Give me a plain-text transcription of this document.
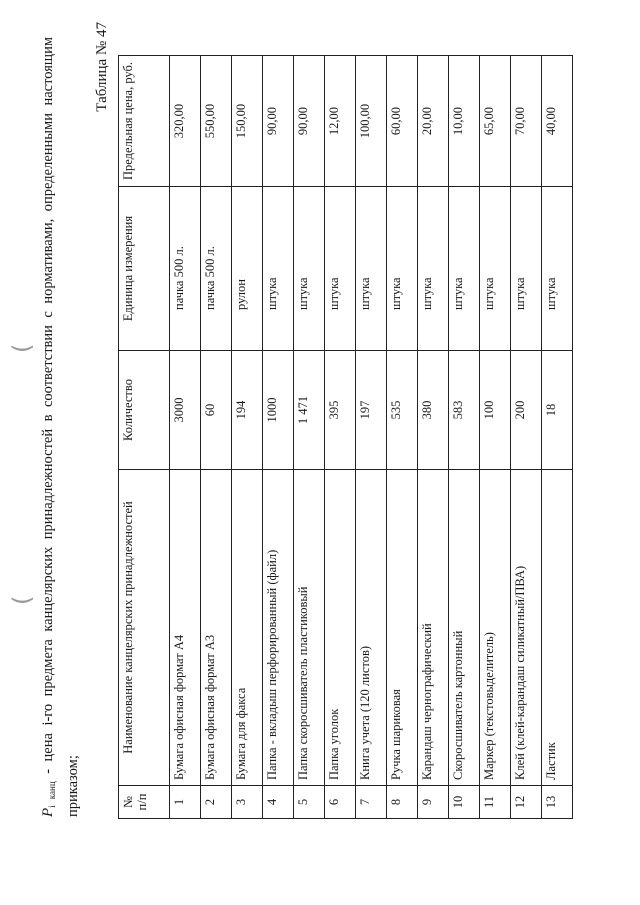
(
(
$P_{i канц}$ - цена i-го предмета канцелярских принадлежностей в соответствии с нормативами, определенными настоящим приказом;
Таблица № 47
№ п/п	Наименование канцелярских принадлежностей	Количество	Единица измерения	Предельная цена, руб.
1	Бумага офисная формат А4	3000	пачка 500 л.	320,00
2	Бумага офисная формат А3	60	пачка 500 л.	550,00
3	Бумага для факса	194	рулон	150,00
4	Папка - вкладыш перфорированный (файл)	1000	штука	90,00
5	Папка скоросшиватель пластиковый	1 471	штука	90,00
6	Папка уголок	395	штука	12,00
7	Книга учета (120 листов)	197	штука	100,00
8	Ручка шариковая	535	штука	60,00
9	Карандаш чернографический	380	штука	20,00
10	Скоросшиватель картонный	583	штука	10,00
11	Маркер (текстовыделитель)	100	штука	65,00
12	Клей (клей-карандаш силикатный/ПВА)	200	штука	70,00
13	Ластик	18	штука	40,00
